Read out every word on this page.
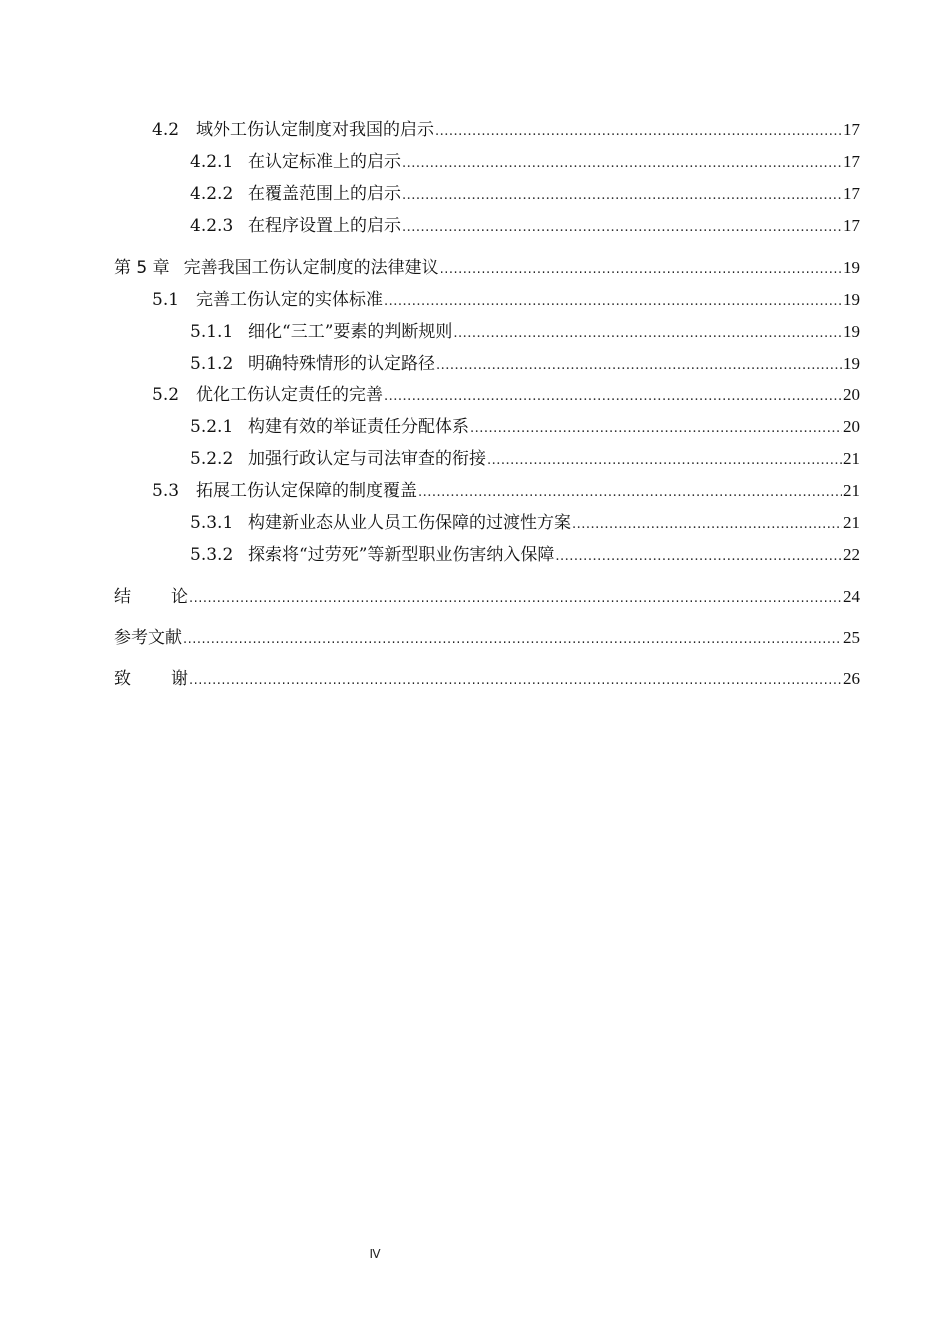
4.2 域外工伤认定制度对我国的启示 .....	17
4.2.1 在认定标准上的启示 .....	17
4.2.2 在覆盖范围上的启示 .....	17
4.2.3 在程序设置上的启示 .....	17
第 5 章 完善我国工伤认定制度的法律建议 .....	19
5.1 完善工伤认定的实体标准 .....	19
5.1.1 细化“三工”要素的判断规则 .....	19
5.1.2 明确特殊情形的认定路径 .....	19
5.2 优化工伤认定责任的完善 .....	20
5.2.1 构建有效的举证责任分配体系 .....	20
5.2.2 加强行政认定与司法审查的衔接 .....	21
5.3 拓展工伤认定保障的制度覆盖 .....	21
5.3.1 构建新业态从业人员工伤保障的过渡性方案 .....	21
5.3.2 探索将“过劳死”等新型职业伤害纳入保障 .....	22
结 论 .....	24
参考文献 .....	25
致 谢 .....	26
Ⅳ
